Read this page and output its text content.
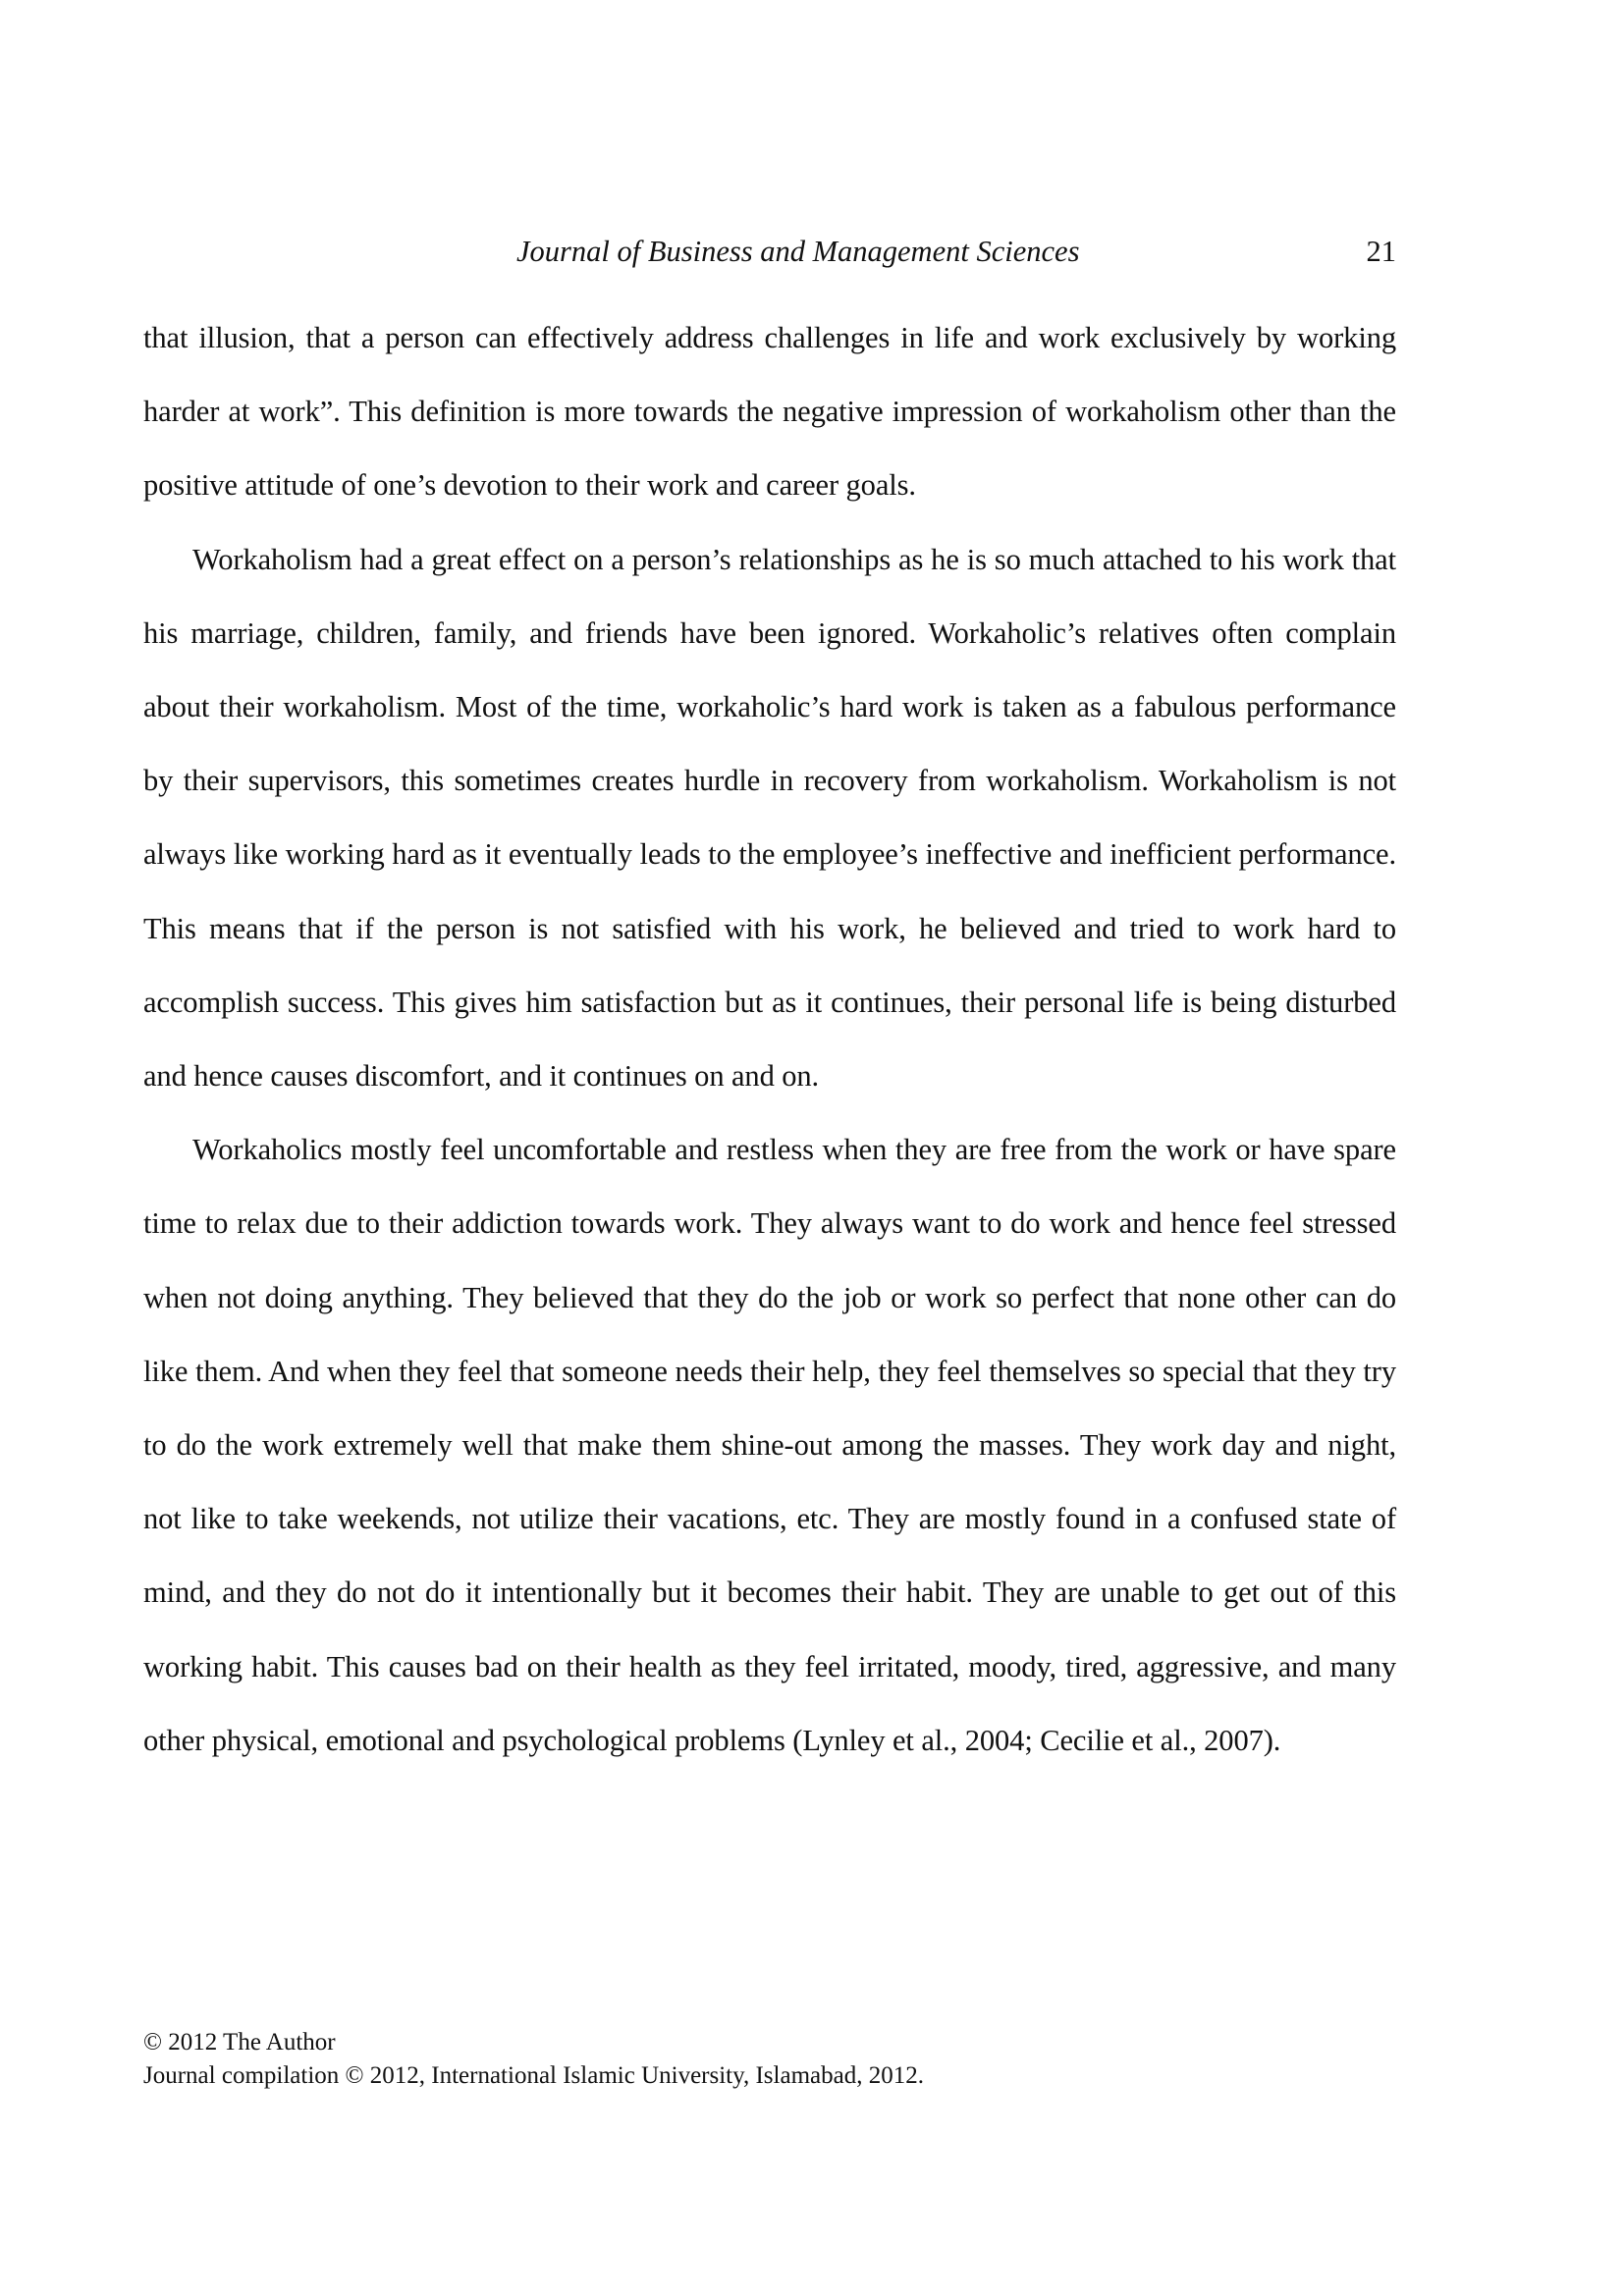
Journal of Business and Management Sciences	21

that illusion, that a person can effectively address challenges in life and work exclusively by working harder at work”. This definition is more towards the negative impression of workaholism other than the positive attitude of one’s devotion to their work and career goals.

Workaholism had a great effect on a person’s relationships as he is so much attached to his work that his marriage, children, family, and friends have been ignored. Workaholic’s relatives often complain about their workaholism. Most of the time, workaholic’s hard work is taken as a fabulous performance by their supervisors, this sometimes creates hurdle in recovery from workaholism. Workaholism is not always like working hard as it eventually leads to the employee’s ineffective and inefficient performance. This means that if the person is not satisfied with his work, he believed and tried to work hard to accomplish success. This gives him satisfaction but as it continues, their personal life is being disturbed and hence causes discomfort, and it continues on and on.

Workaholics mostly feel uncomfortable and restless when they are free from the work or have spare time to relax due to their addiction towards work. They always want to do work and hence feel stressed when not doing anything. They believed that they do the job or work so perfect that none other can do like them. And when they feel that someone needs their help, they feel themselves so special that they try to do the work extremely well that make them shine-out among the masses. They work day and night, not like to take weekends, not utilize their vacations, etc. They are mostly found in a confused state of mind, and they do not do it intentionally but it becomes their habit. They are unable to get out of this working habit. This causes bad on their health as they feel irritated, moody, tired, aggressive, and many other physical, emotional and psychological problems (Lynley et al., 2004; Cecilie et al., 2007).

© 2012 The Author
Journal compilation © 2012, International Islamic University, Islamabad, 2012.
